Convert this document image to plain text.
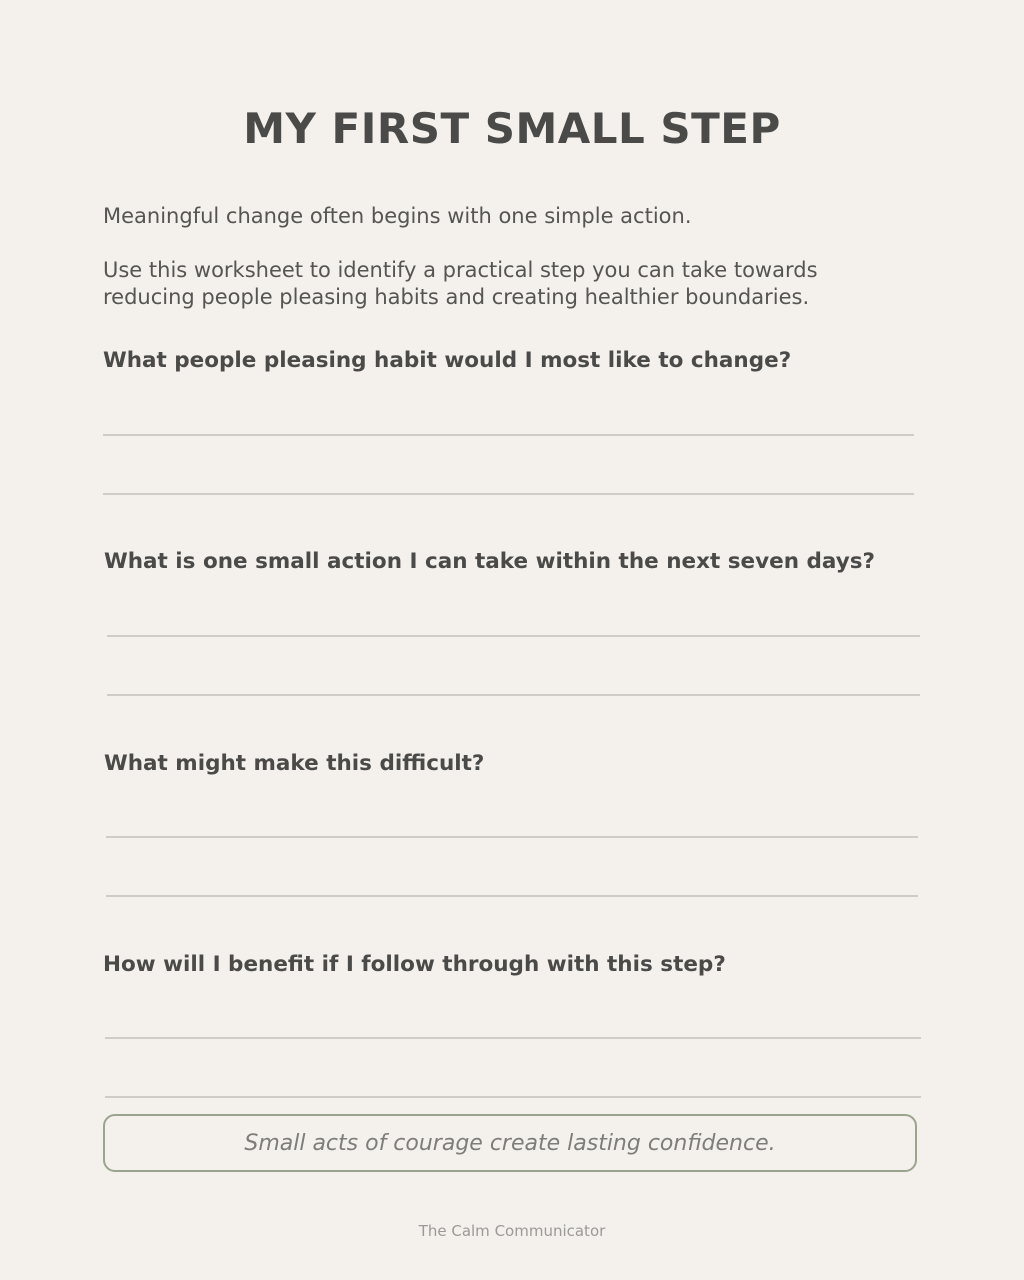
MY FIRST SMALL STEP

Meaningful change often begins with one simple action.

Use this worksheet to identify a practical step you can take towards reducing people pleasing habits and creating healthier boundaries.

What people pleasing habit would I most like to change?

What is one small action I can take within the next seven days?

What might make this difficult?

How will I benefit if I follow through with this step?

Small acts of courage create lasting confidence.
The Calm Communicator
